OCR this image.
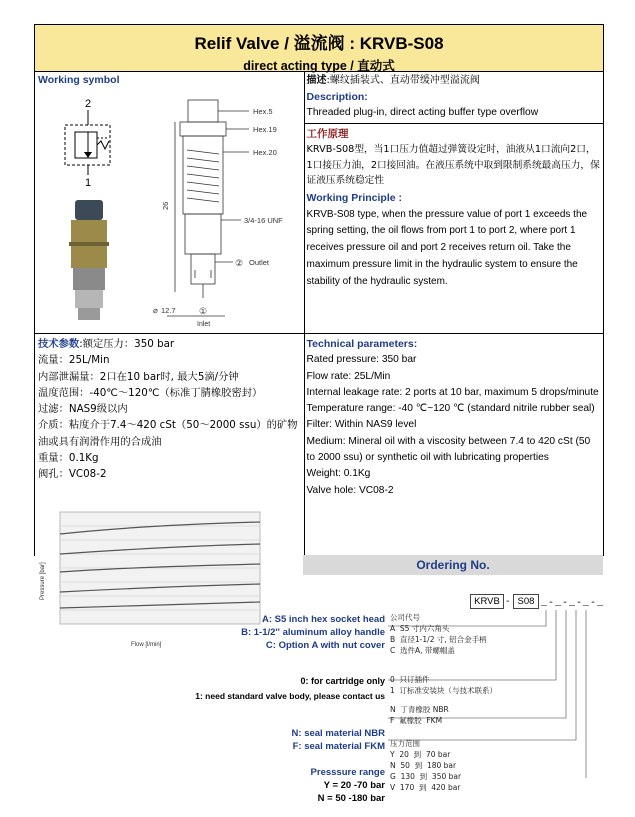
Relif Valve / 溢流阀 : KRVB-S08
direct acting type / 直动式
Working symbol
2
1
Hex.5
Hex.19
Hex.20
3/4-16 UNF
② Outlet
26
⌀ 12.7	①
Inlet
描述:螺纹插装式、直动带缓冲型溢流阀
Description:
Threaded plug-in, direct acting buffer type overflow
工作原理
KRVB-S08型，当1口压力值超过弹簧设定时，油液从1口流向2口，1口接压力油，2口接回油。在液压系统中取到限制系统最高压力，保证液压系统稳定性
Working Principle :
KRVB-S08 type, when the pressure value of port 1 exceeds the spring setting, the oil flows from port 1 to port 2, where port 1 receives pressure oil and port 2 receives return oil. Take the maximum pressure limit in the hydraulic system to ensure the stability of the hydraulic system.
技术参数:额定压力：350 bar
流量：25L/Min
内部泄漏量：2口在10 bar时, 最大5滴/分钟
温度范围：-40℃～120℃（标准丁腈橡胶密封）
过滤：NAS9级以内
介质：粘度介于7.4～420 cSt（50～2000 ssu）的矿物油或具有润滑作用的合成油
重量：0.1Kg
阀孔：VC08-2
Technical parameters:
Rated pressure: 350 bar
Flow rate: 25L/Min
Internal leakage rate: 2 ports at 10 bar, maximum 5 drops/minute
Temperature range: -40 ℃~120 ℃ (standard nitrile rubber seal)
Filter: Within NAS9 level
Medium: Mineral oil with a viscosity between 7.4 to 420 cSt (50 to 2000 ssu) or synthetic oil with lubricating properties
Weight: 0.1Kg
Valve hole: VC08-2
Pressure [bar]
Flow [l/min]
Ordering No.
KRVB - S08 _-_-_-_-_
A: S5 inch hex socket head
B: 1-1/2'' aluminum alloy handle
C: Option A with nut cover
公司代号
A  S5 寸内六角头
B  直径1-1/2 寸, 铝合金手柄
C  选件A, 带螺帽盖
0: for cartridge only
1: need standard valve body, please contact us
0  只订插件
1  订标准安装块（与技术联系）
N: seal material NBR
F: seal material FKM
N  丁青橡胶 NBR
F  氟橡胶  FKM
Presssure range
Y = 20 -70 bar
N = 50 -180 bar
压力范围
Y  20  到  70 bar
N  50  到  180 bar
G  130  到  350 bar
V  170  到  420 bar
